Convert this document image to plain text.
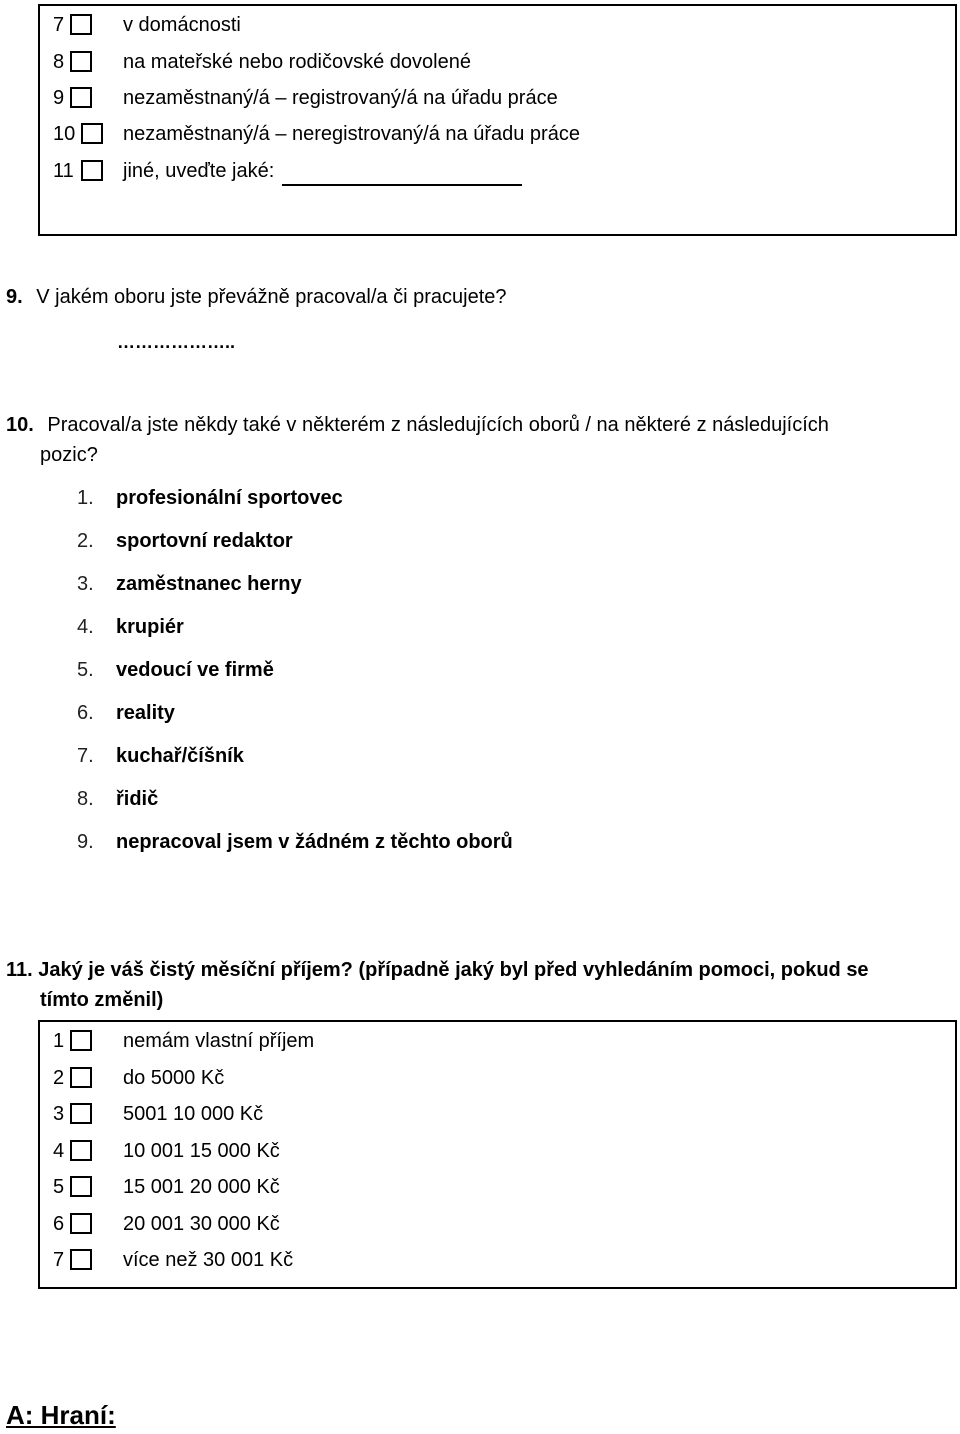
7	v domácnosti
8	na mateřské nebo rodičovské dovolené
9	nezaměstnaný/á – registrovaný/á na úřadu práce
10 nezaměstnaný/á – neregistrovaný/á na úřadu práce
11 jiné, uveďte jaké:
9. V jakém oboru jste převážně pracoval/a či pracujete?
………………..
10. Pracoval/a jste někdy také v některém z následujících oborů / na některé z následujících
pozic?
1. profesionální sportovec
2. sportovní redaktor
3. zaměstnanec herny
4. krupiér
5. vedoucí ve firmě
6. reality
7. kuchař/číšník
8. řidič
9. nepracoval jsem v žádném z těchto oborů
11. Jaký je váš čistý měsíční příjem? (případně jaký byl před vyhledáním pomoci, pokud se
tímto změnil)
1	nemám vlastní příjem
2	do 5000 Kč
3	5001 10 000 Kč
4	10 001 15 000 Kč
5	15 001 20 000 Kč
6	20 001 30 000 Kč
7	více než 30 001 Kč
A: Hraní:
